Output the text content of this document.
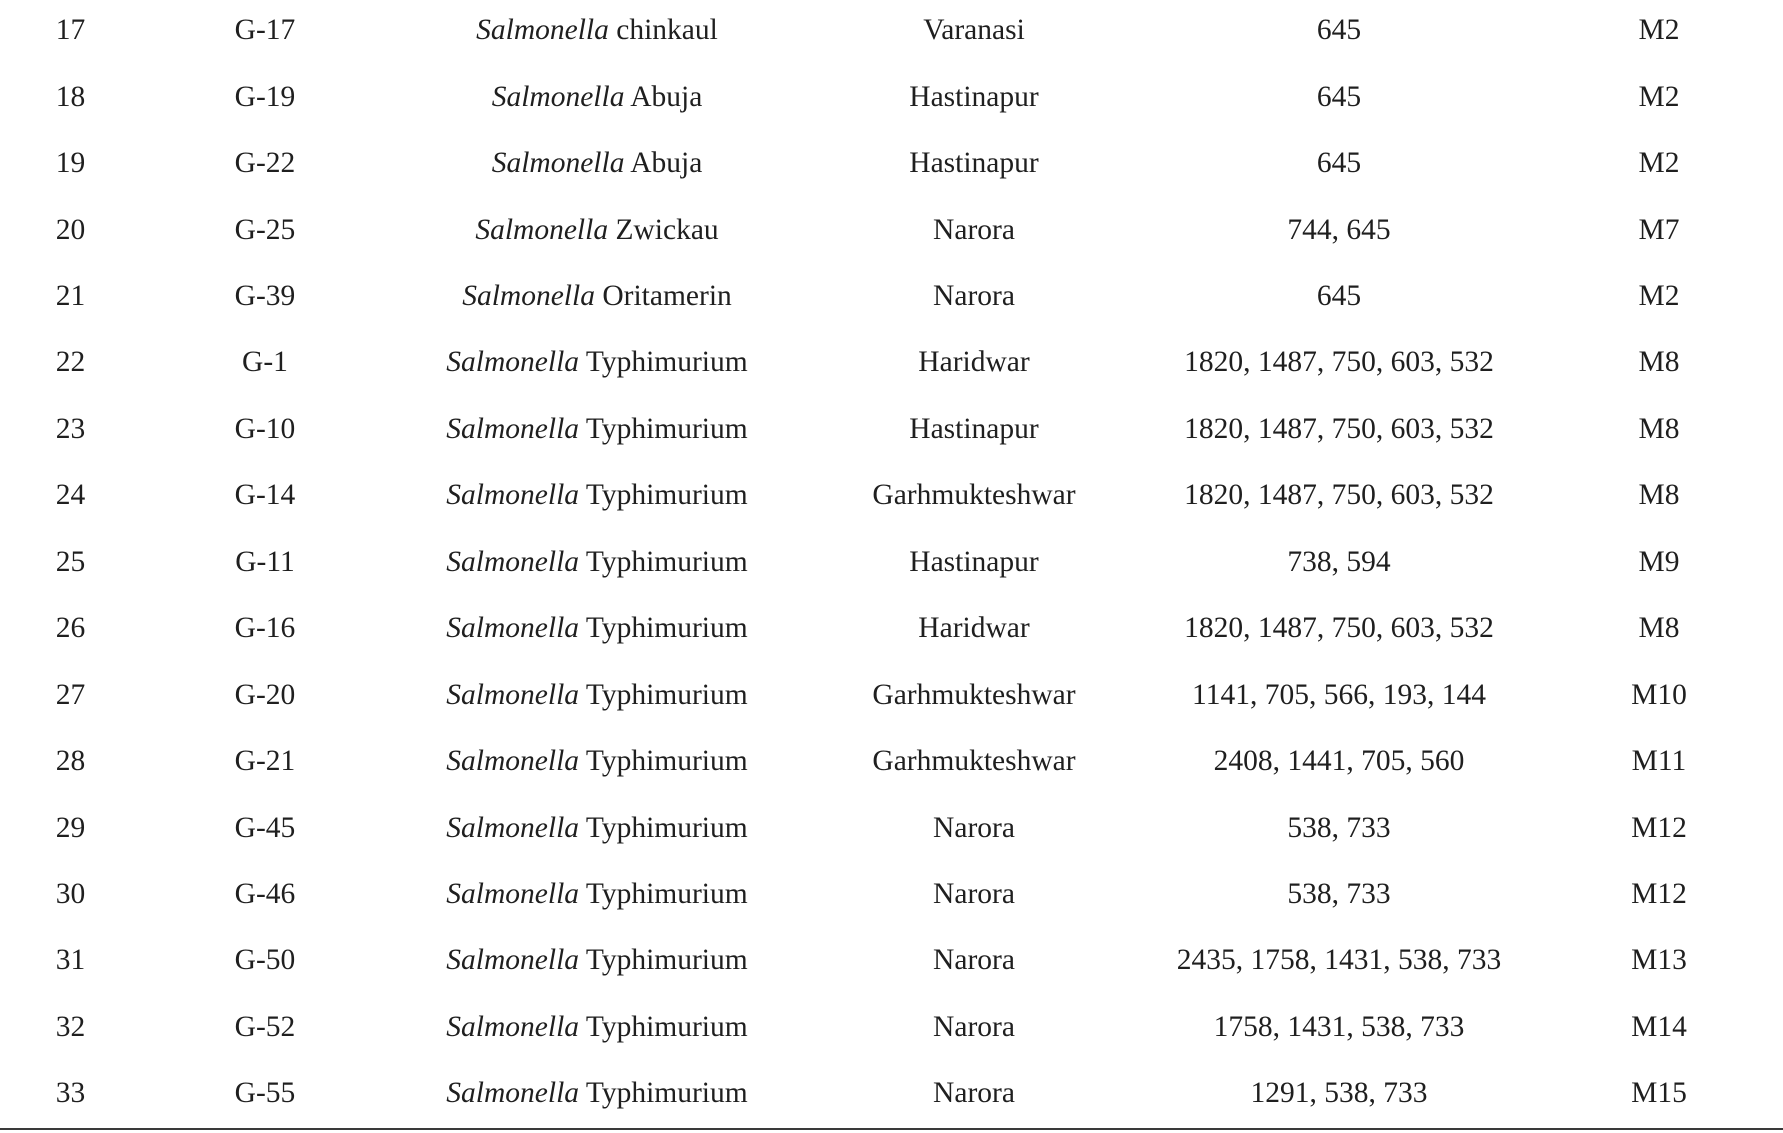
17	G-17	Salmonella chinkaul	Varanasi	645	M2
18	G-19	Salmonella Abuja	Hastinapur	645	M2
19	G-22	Salmonella Abuja	Hastinapur	645	M2
20	G-25	Salmonella Zwickau	Narora	744, 645	M7
21	G-39	Salmonella Oritamerin	Narora	645	M2
22	G-1	Salmonella Typhimurium	Haridwar	1820, 1487, 750, 603, 532	M8
23	G-10	Salmonella Typhimurium	Hastinapur	1820, 1487, 750, 603, 532	M8
24	G-14	Salmonella Typhimurium	Garhmukteshwar	1820, 1487, 750, 603, 532	M8
25	G-11	Salmonella Typhimurium	Hastinapur	738, 594	M9
26	G-16	Salmonella Typhimurium	Haridwar	1820, 1487, 750, 603, 532	M8
27	G-20	Salmonella Typhimurium	Garhmukteshwar	1141, 705, 566, 193, 144	M10
28	G-21	Salmonella Typhimurium	Garhmukteshwar	2408, 1441, 705, 560	M11
29	G-45	Salmonella Typhimurium	Narora	538, 733	M12
30	G-46	Salmonella Typhimurium	Narora	538, 733	M12
31	G-50	Salmonella Typhimurium	Narora	2435, 1758, 1431, 538, 733	M13
32	G-52	Salmonella Typhimurium	Narora	1758, 1431, 538, 733	M14
33	G-55	Salmonella Typhimurium	Narora	1291, 538, 733	M15
